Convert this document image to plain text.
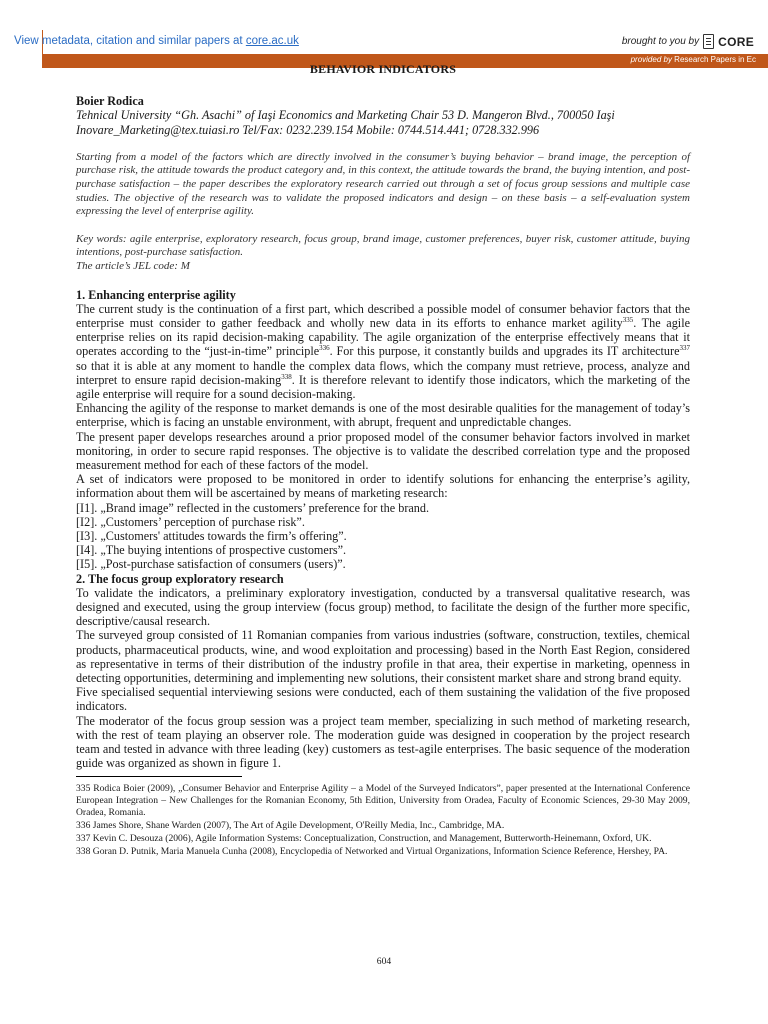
View metadata, citation and similar papers at core.ac.uk	brought to you by CORE
provided by Research Papers in Ec
BEHAVIOR INDICATORS

Boier Rodica

Tehnical University “Gh. Asachi” of Iaşi Economics and Marketing Chair 53 D. Mangeron Blvd., 700050 Iaşi
Inovare_Marketing@tex.tuiasi.ro Tel/Fax: 0232.239.154 Mobile: 0744.514.441; 0728.332.996

Starting from a model of the factors which are directly involved in the consumer’s buying behavior – brand image, the perception of purchase risk, the attitude towards the product category and, in this context, the attitude towards the brand, the buying intention, and post-purchase satisfaction – the paper describes the exploratory research carried out through a set of focus group sessions and multiple case studies. The objective of the research was to validate the proposed indicators and design – on these basis – a self-evaluation system expressing the level of enterprise agility.

Key words: agile enterprise, exploratory research, focus group, brand image, customer preferences, buyer risk, customer attitude, buying intentions, post-purchase satisfaction.
The article’s JEL code: M

1. Enhancing enterprise agility

The current study is the continuation of a first part, which described a possible model of consumer behavior factors that the enterprise must consider to gather feedback and wholly new data in its efforts to enhance market agility$^{335}$. The agile enterprise relies on its rapid decision-making capability. The agile organization of the enterprise effectively means that it operates according to the “just-in-time” principle$^{336}$. For this purpose, it constantly builds and upgrades its IT architecture$^{337}$ so that it is able at any moment to handle the complex data flows, which the company must retrieve, process, analyze and interpret to ensure rapid decision-making$^{338}$. It is therefore relevant to identify those indicators, which the marketing of the agile enterprise will require for a sound decision-making.

Enhancing the agility of the response to market demands is one of the most desirable qualities for the management of today’s enterprise, which is facing an unstable environment, with abrupt, frequent and unpredictable changes.

The present paper develops researches around a prior proposed model of the consumer behavior factors involved in market monitoring, in order to secure rapid responses. The objective is to validate the described correlation type and the proposed measurement method for each of these factors of the model.

A set of indicators were proposed to be monitored in order to identify solutions for enhancing the enterprise’s agility, information about them will be ascertained by means of marketing research:

[I1]. „Brand image” reflected in the customers’ preference for the brand.

[I2]. „Customers’ perception of purchase risk”.

[I3]. „Customers' attitudes towards the firm’s offering”.

[I4]. „The buying intentions of prospective customers”.

[I5]. „Post-purchase satisfaction of consumers (users)”.

2. The focus group exploratory research

To validate the indicators, a preliminary exploratory investigation, conducted by a transversal qualitative research, was designed and executed, using the group interview (focus group) method, to facilitate the design of the further more specific, descriptive/causal research.

The surveyed group consisted of 11 Romanian companies from various industries (software, construction, textiles, chemical products, pharmaceutical products, wine, and wood exploitation and processing) based in the North East Region, considered as representative in terms of their distribution of the industry profile in that area, their expertise in marketing, openness in detecting opportunities, determining and implementing new solutions, their consistent market share and strong brand equity.

Five specialised sequential interviewing sesions were conducted, each of them sustaining the validation of the five proposed indicators.

The moderator of the focus group session was a project team member, specializing in such method of marketing research, with the rest of team playing an observer role. The moderation guide was designed in cooperation by the project research team and tested in advance with three leading (key) customers as test-agile enterprises. The basic sequence of the moderation guide was organized as shown in figure 1.

335 Rodica Boier (2009), „Consumer Behavior and Enterprise Agility – a Model of the Surveyed Indicators”, paper presented at the International Conference European Integration – New Challenges for the Romanian Economy, 5th Edition, University from Oradea, Faculty of Economic Sciences, 29-30 May 2009, Oradea, Romania.

336 James Shore, Shane Warden (2007), The Art of Agile Development, O'Reilly Media, Inc., Cambridge, MA.

337 Kevin C. Desouza (2006), Agile Information Systems: Conceptualization, Construction, and Management, Butterworth-Heinemann, Oxford, UK.

338 Goran D. Putnik, Maria Manuela Cunha (2008), Encyclopedia of Networked and Virtual Organizations, Information Science Reference, Hershey, PA.

604
